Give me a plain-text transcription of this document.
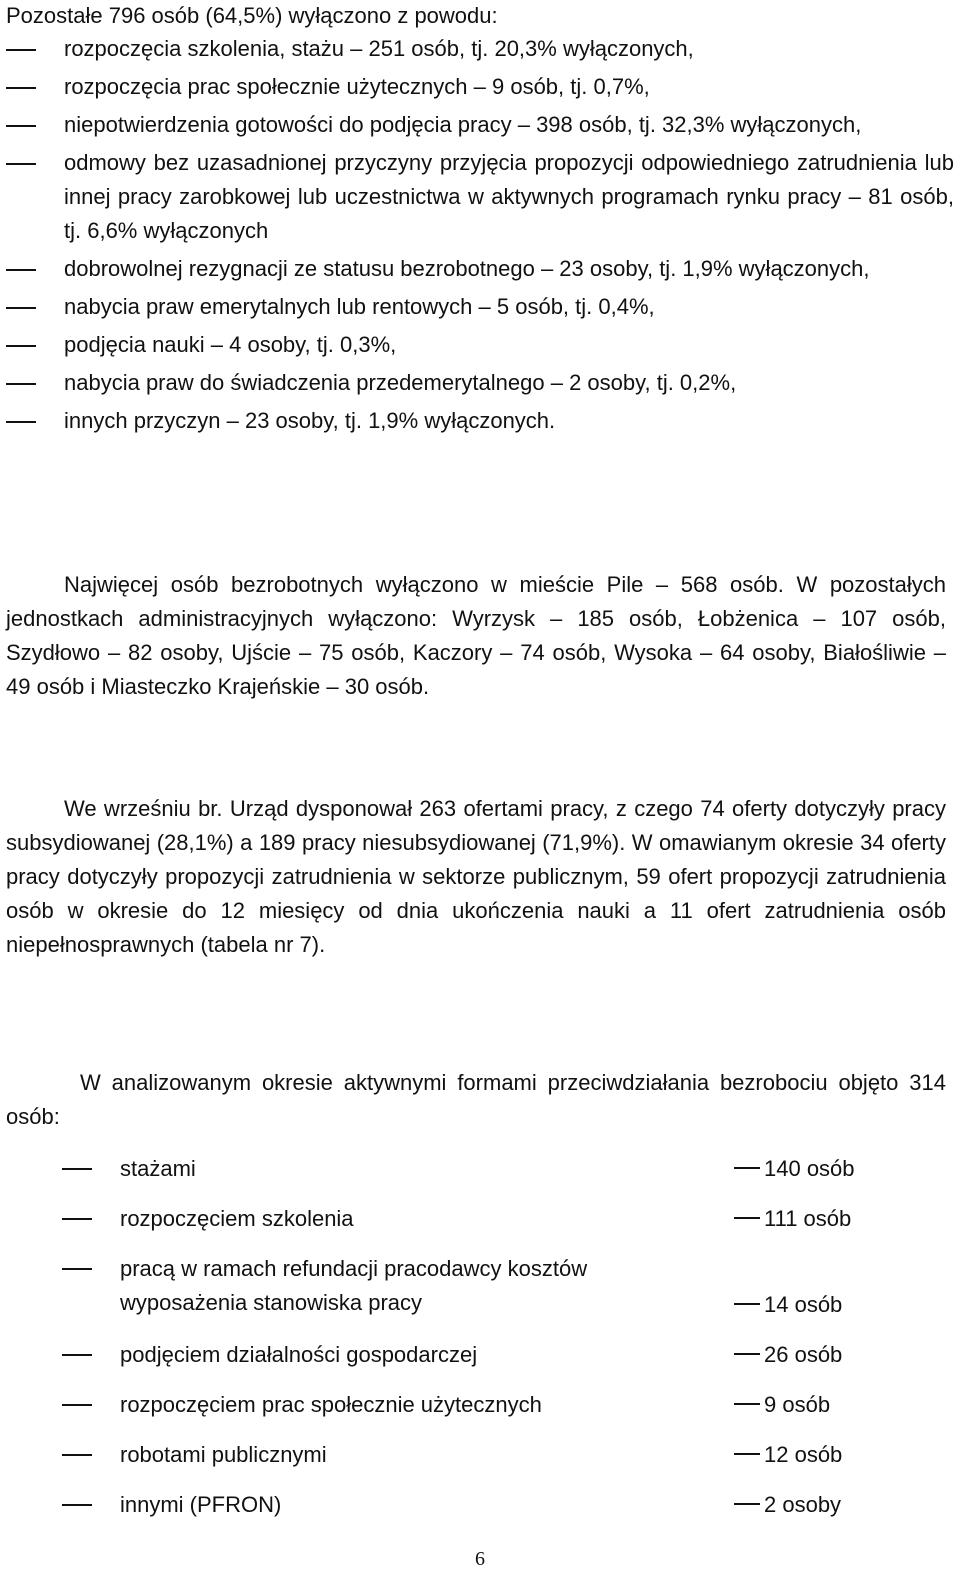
Pozostałe 796 osób (64,5%) wyłączono z powodu:
rozpoczęcia szkolenia, stażu – 251 osób, tj. 20,3% wyłączonych,
rozpoczęcia prac społecznie użytecznych – 9 osób, tj. 0,7%,
niepotwierdzenia gotowości do podjęcia pracy – 398 osób, tj. 32,3% wyłączonych,
odmowy bez uzasadnionej przyczyny przyjęcia propozycji odpowiedniego zatrudnienia lub innej pracy zarobkowej lub uczestnictwa w aktywnych programach rynku pracy – 81 osób, tj. 6,6% wyłączonych
dobrowolnej rezygnacji ze statusu bezrobotnego – 23 osoby, tj. 1,9% wyłączonych,
nabycia praw emerytalnych lub rentowych – 5 osób, tj. 0,4%,
podjęcia nauki – 4 osoby, tj. 0,3%,
nabycia praw do świadczenia przedemerytalnego – 2 osoby, tj. 0,2%,
innych przyczyn – 23 osoby, tj. 1,9% wyłączonych.

Najwięcej osób bezrobotnych wyłączono w mieście Pile – 568 osób. W pozostałych jednostkach administracyjnych wyłączono: Wyrzysk – 185 osób, Łobżenica – 107 osób, Szydłowo – 82 osoby, Ujście – 75 osób, Kaczory – 74 osób, Wysoka – 64 osoby, Białośliwie – 49 osób i Miasteczko Krajeńskie – 30 osób.

We wrześniu br. Urząd dysponował 263 ofertami pracy, z czego 74 oferty dotyczyły pracy subsydiowanej (28,1%) a 189 pracy niesubsydiowanej (71,9%). W omawianym okresie 34 oferty pracy dotyczyły propozycji zatrudnienia w sektorze publicznym, 59 ofert propozycji zatrudnienia osób w okresie do 12 miesięcy od dnia ukończenia nauki a 11 ofert zatrudnienia osób niepełnosprawnych (tabela nr 7).

W analizowanym okresie aktywnymi formami przeciwdziałania bezrobociu objęto 314 osób:

stażami	140 osób
rozpoczęciem szkolenia	111 osób
pracą w ramach refundacji pracodawcy kosztów wyposażenia stanowiska pracy	14 osób
podjęciem działalności gospodarczej	26 osób
rozpoczęciem prac społecznie użytecznych	9 osób
robotami publicznymi	12 osób
innymi (PFRON)	2 osoby
6
